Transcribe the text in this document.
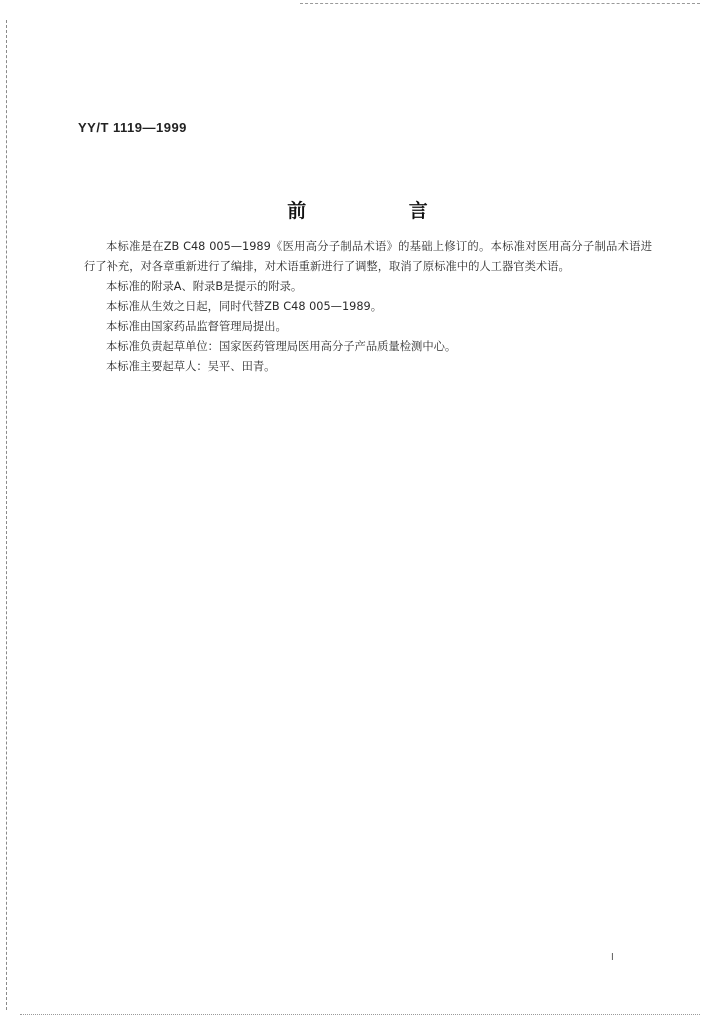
YY/T 1119—1999
前 言

本标准是在ZB C48 005—1989《医用高分子制品术语》的基础上修订的。本标准对医用高分子制品术语进行了补充，对各章重新进行了编排，对术语重新进行了调整，取消了原标准中的人工器官类术语。

本标准的附录A、附录B是提示的附录。

本标准从生效之日起，同时代替ZB C48 005—1989。

本标准由国家药品监督管理局提出。

本标准负责起草单位：国家医药管理局医用高分子产品质量检测中心。

本标准主要起草人：吴平、田青。

I
